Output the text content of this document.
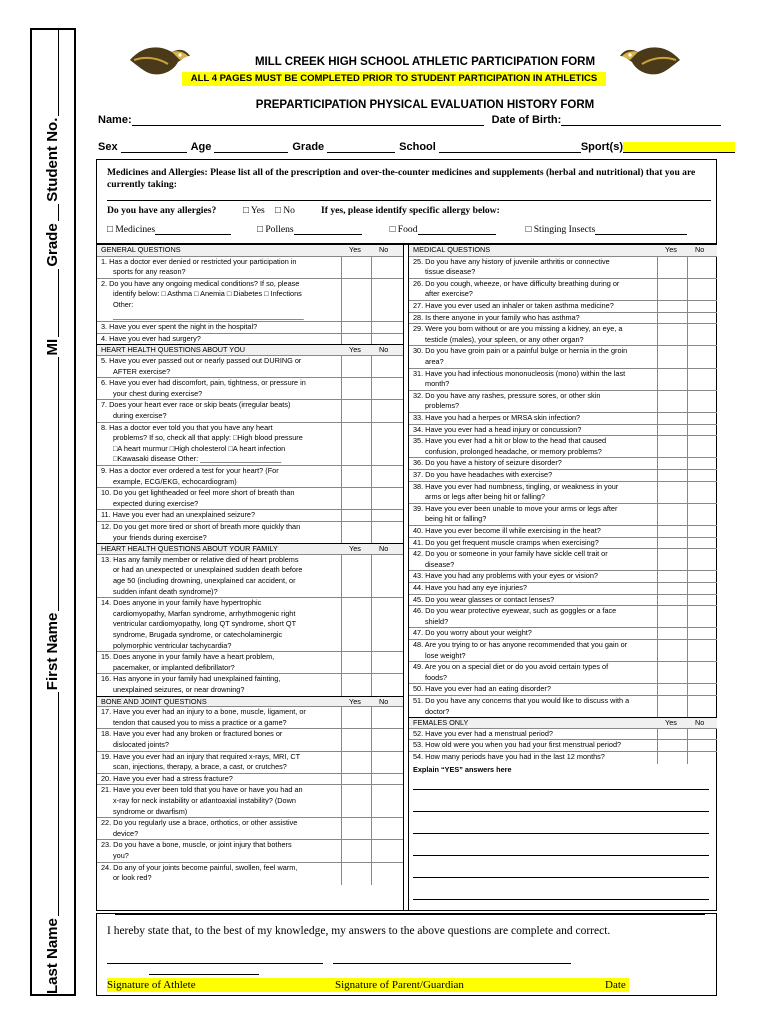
Last Name
First Name
MI
Grade
Student No.
MILL CREEK HIGH SCHOOL ATHLETIC PARTICIPATION FORM
ALL 4 PAGES MUST BE COMPLETED PRIOR TO STUDENT PARTICIPATION IN ATHLETICS
PREPARTICIPATION PHYSICAL EVALUATION HISTORY FORM
Name:	Date of Birth:
Sex	Age	Grade	School	Sport(s)
Medicines and Allergies: Please list all of the prescription and over-the-counter medicines and supplements (herbal and nutritional) that you are currently taking:
Do you have any allergies?	□ Yes □ No	If yes, please identify specific allergy below:
□ Medicines	□ Pollens	□ Food	□ Stinging Insects
GENERAL QUESTIONS	Yes No
1. Has a doctor ever denied or restricted your participation in
sports for any reason?
2. Do you have any ongoing medical conditions? If so, please
identify below: □ Asthma □ Anemia □ Diabetes □ Infections
Other:
_______________________________________________
3. Have you ever spent the night in the hospital?
4. Have you ever had surgery?
HEART HEALTH QUESTIONS ABOUT YOU	Yes No
5. Have you ever passed out or nearly passed out DURING or
AFTER exercise?
6. Have you ever had discomfort, pain, tightness, or pressure in
your chest during exercise?
7. Does your heart ever race or skip beats (irregular beats)
during exercise?
8. Has a doctor ever told you that you have any heart
problems? If so, check all that apply: □High blood pressure
□A heart murmur □High cholesterol □A heart infection
□Kawasaki disease Other: ____________________
9. Has a doctor ever ordered a test for your heart? (For
example, ECG/EKG, echocardiogram)
10. Do you get lightheaded or feel more short of breath than
expected during exercise?
11. Have you ever had an unexplained seizure?
12. Do you get more tired or short of breath more quickly than
your friends during exercise?
HEART HEALTH QUESTIONS ABOUT YOUR FAMILY	Yes No
13. Has any family member or relative died of heart problems
or had an unexpected or unexplained sudden death before
age 50 (including drowning, unexplained car accident, or
sudden infant death syndrome)?
14. Does anyone in your family have hypertrophic
cardiomyopathy, Marfan syndrome, arrhythmogenic right
ventricular cardiomyopathy, long QT syndrome, short QT
syndrome, Brugada syndrome, or catecholaminergic
polymorphic ventricular tachycardia?
15. Does anyone in your family have a heart problem,
pacemaker, or implanted defibrillator?
16. Has anyone in your family had unexplained fainting,
unexplained seizures, or near drowning?
BONE AND JOINT QUESTIONS	Yes No
17. Have you ever had an injury to a bone, muscle, ligament, or
tendon that caused you to miss a practice or a game?
18. Have you ever had any broken or fractured bones or
dislocated joints?
19. Have you ever had an injury that required x-rays, MRI, CT
scan, injections, therapy, a brace, a cast, or crutches?
20. Have you ever had a stress fracture?
21. Have you ever been told that you have or have you had an
x-ray for neck instability or atlantoaxial instability? (Down
syndrome or dwarfism)
22. Do you regularly use a brace, orthotics, or other assistive
device?
23. Do you have a bone, muscle, or joint injury that bothers
you?
24. Do any of your joints become painful, swollen, feel warm,
or look red?
MEDICAL QUESTIONS	Yes No
25. Do you have any history of juvenile arthritis or connective
tissue disease?
26. Do you cough, wheeze, or have difficulty breathing during or
after exercise?
27. Have you ever used an inhaler or taken asthma medicine?
28. Is there anyone in your family who has asthma?
29. Were you born without or are you missing a kidney, an eye, a
testicle (males), your spleen, or any other organ?
30. Do you have groin pain or a painful bulge or hernia in the groin
area?
31. Have you had infectious mononucleosis (mono) within the last
month?
32. Do you have any rashes, pressure sores, or other skin
problems?
33. Have you had a herpes or MRSA skin infection?
34. Have you ever had a head injury or concussion?
35. Have you ever had a hit or blow to the head that caused
confusion, prolonged headache, or memory problems?
36. Do you have a history of seizure disorder?
37. Do you have headaches with exercise?
38. Have you ever had numbness, tingling, or weakness in your
arms or legs after being hit or falling?
39. Have you ever been unable to move your arms or legs after
being hit or falling?
40. Have you ever become ill while exercising in the heat?
41. Do you get frequent muscle cramps when exercising?
42. Do you or someone in your family have sickle cell trait or
disease?
43. Have you had any problems with your eyes or vision?
44. Have you had any eye injuries?
45. Do you wear glasses or contact lenses?
46. Do you wear protective eyewear, such as goggles or a face
shield?
47. Do you worry about your weight?
48. Are you trying to or has anyone recommended that you gain or
lose weight?
49. Are you on a special diet or do you avoid certain types of
foods?
50. Have you ever had an eating disorder?
51. Do you have any concerns that you would like to discuss with a
doctor?
FEMALES ONLY	Yes No
52. Have you ever had a menstrual period?
53. How old were you when you had your first menstrual period?
54. How many periods have you had in the last 12 months?
Explain “YES” answers here
I hereby state that, to the best of my knowledge, my answers to the above questions are complete and correct.
Signature of Athlete	Signature of Parent/Guardian	Date
